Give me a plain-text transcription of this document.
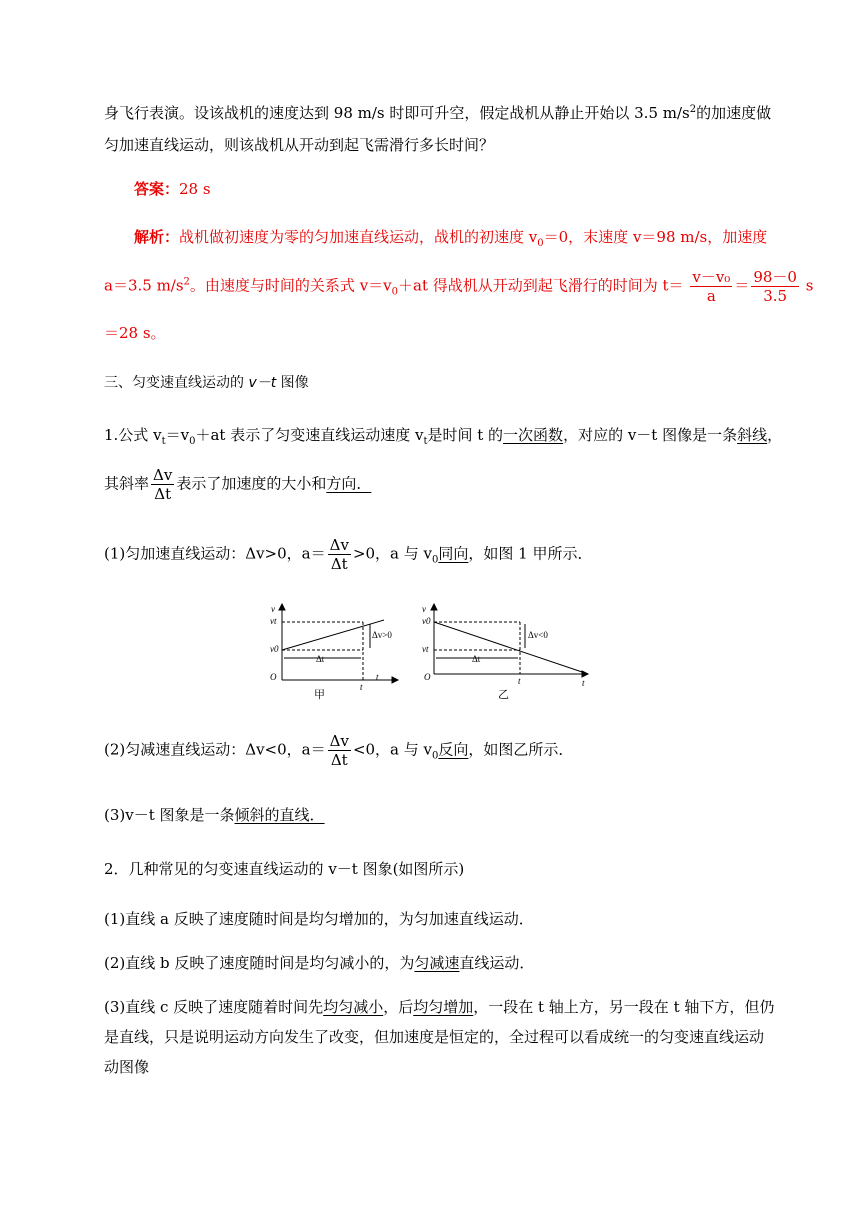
身飞行表演。设该战机的速度达到 98 m/s 时即可升空，假定战机从静止开始以 3.5 $m/s^2$的加速度做
匀加速直线运动，则该战机从开动到起飞需滑行多长时间？
答案：28 s
解析：战机做初速度为零的匀加速直线运动，战机的初速度 $v_0=0$，末速度 v＝98 m/s，加速度
a＝3.5 $m/s^2$。由速度与时间的关系式 $v=v_0+at$ 得战机从开动到起飞滑行的时间为 $t= \frac{\text{v－v₀}}{a} = \frac{98-0}{3.5}$ s
＝28 s。
三、匀变速直线运动的 v－t 图像
1.公式 $v_t=v_0+at$ 表示了匀变速直线运动速度 $v_t$是时间 t 的一次函数，对应的 v－t 图像是一条斜线，
其斜率 $\frac{\Delta v}{\Delta t}$ 表示了加速度的大小和方向．
(1)匀加速直线运动：Δv>0，$a= \frac{\Delta v}{\Delta t} >0$，a 与 $v_0$同向，如图 1 甲所示．
v
vt
v0
Δv>0
Δt
O
t
t
甲
v
v0
vt
Δv<0
Δt
O	t	t
乙
(2)匀减速直线运动：Δv<0，$a= \frac{\Delta v}{\Delta t} <0$，a 与 $v_0$反向，如图乙所示．
(3)v－t 图象是一条倾斜的直线．
2．几种常见的匀变速直线运动的 v－t 图象(如图所示)
(1)直线 a 反映了速度随时间是均匀增加的，为匀加速直线运动．
(2)直线 b 反映了速度随时间是均匀减小的，为匀减速直线运动．
(3)直线 c 反映了速度随着时间先均匀减小，后均匀增加，一段在 t 轴上方，另一段在 t 轴下方，但仍
是直线，只是说明运动方向发生了改变，但加速度是恒定的，全过程可以看成统一的匀变速直线运动
动图像
